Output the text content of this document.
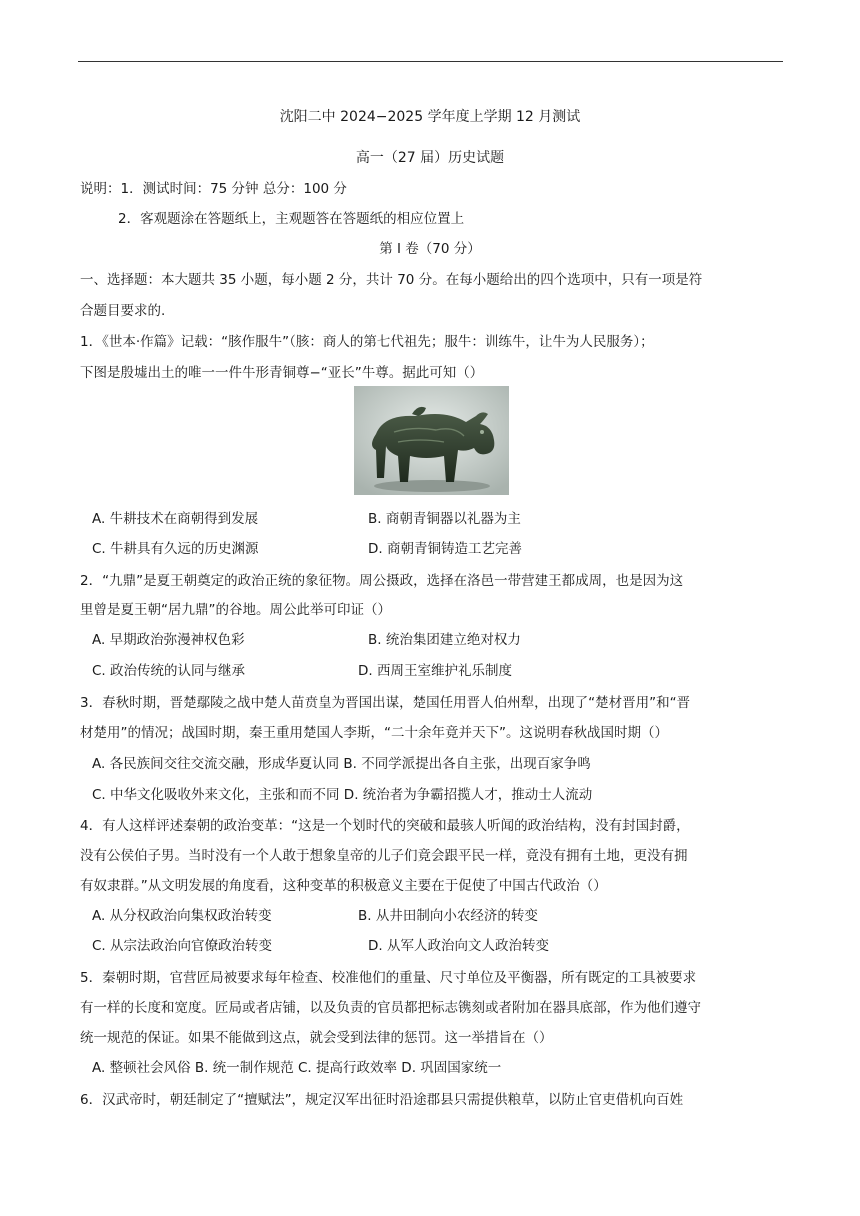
沈阳二中 2024−2025 学年度上学期 12 月测试
高一（27 届）历史试题
说明：1．测试时间：75 分钟 总分：100 分
2．客观题涂在答题纸上，主观题答在答题纸的相应位置上
第 I 卷（70 分）
一、选择题：本大题共 35 小题，每小题 2 分，共计 70 分。在每小题给出的四个选项中，只有一项是符
合题目要求的.
1．《世本·作篇》记载：“胲作服牛”（胲：商人的第七代祖先；服牛：训练牛，让牛为人民服务）；
下图是殷墟出土的唯一一件牛形青铜尊−“亚长”牛尊。据此可知（）
A. 牛耕技术在商朝得到发展	B. 商朝青铜器以礼器为主
C. 牛耕具有久远的历史渊源	D. 商朝青铜铸造工艺完善
2．“九鼎”是夏王朝奠定的政治正统的象征物。周公摄政，选择在洛邑一带营建王都成周，也是因为这
里曾是夏王朝“居九鼎”的谷地。周公此举可印证（）
A. 早期政治弥漫神权色彩	B. 统治集团建立绝对权力
C. 政治传统的认同与继承	D. 西周王室维护礼乐制度
3．春秋时期，晋楚鄢陵之战中楚人苗贲皇为晋国出谋，楚国任用晋人伯州犁，出现了“楚材晋用”和“晋
材楚用”的情况；战国时期，秦王重用楚国人李斯，“二十余年竟并天下”。这说明春秋战国时期（）
A. 各民族间交往交流交融，形成华夏认同 B. 不同学派提出各自主张，出现百家争鸣
C. 中华文化吸收外来文化，主张和而不同 D. 统治者为争霸招揽人才，推动士人流动
4．有人这样评述秦朝的政治变革：“这是一个划时代的突破和最骇人听闻的政治结构，没有封国封爵，
没有公侯伯子男。当时没有一个人敢于想象皇帝的儿子们竟会跟平民一样，竟没有拥有土地，更没有拥
有奴隶群。”从文明发展的角度看，这种变革的积极意义主要在于促使了中国古代政治（）
A. 从分权政治向集权政治转变	B. 从井田制向小农经济的转变
C. 从宗法政治向官僚政治转变	D. 从军人政治向文人政治转变
5．秦朝时期，官营匠局被要求每年检查、校准他们的重量、尺寸单位及平衡器，所有既定的工具被要求
有一样的长度和宽度。匠局或者店铺，以及负责的官员都把标志镌刻或者附加在器具底部，作为他们遵守
统一规范的保证。如果不能做到这点，就会受到法律的惩罚。这一举措旨在（）
A. 整顿社会风俗 B. 统一制作规范 C. 提高行政效率 D. 巩固国家统一
6．汉武帝时，朝廷制定了“擅赋法”，规定汉军出征时沿途郡县只需提供粮草，以防止官吏借机向百姓
